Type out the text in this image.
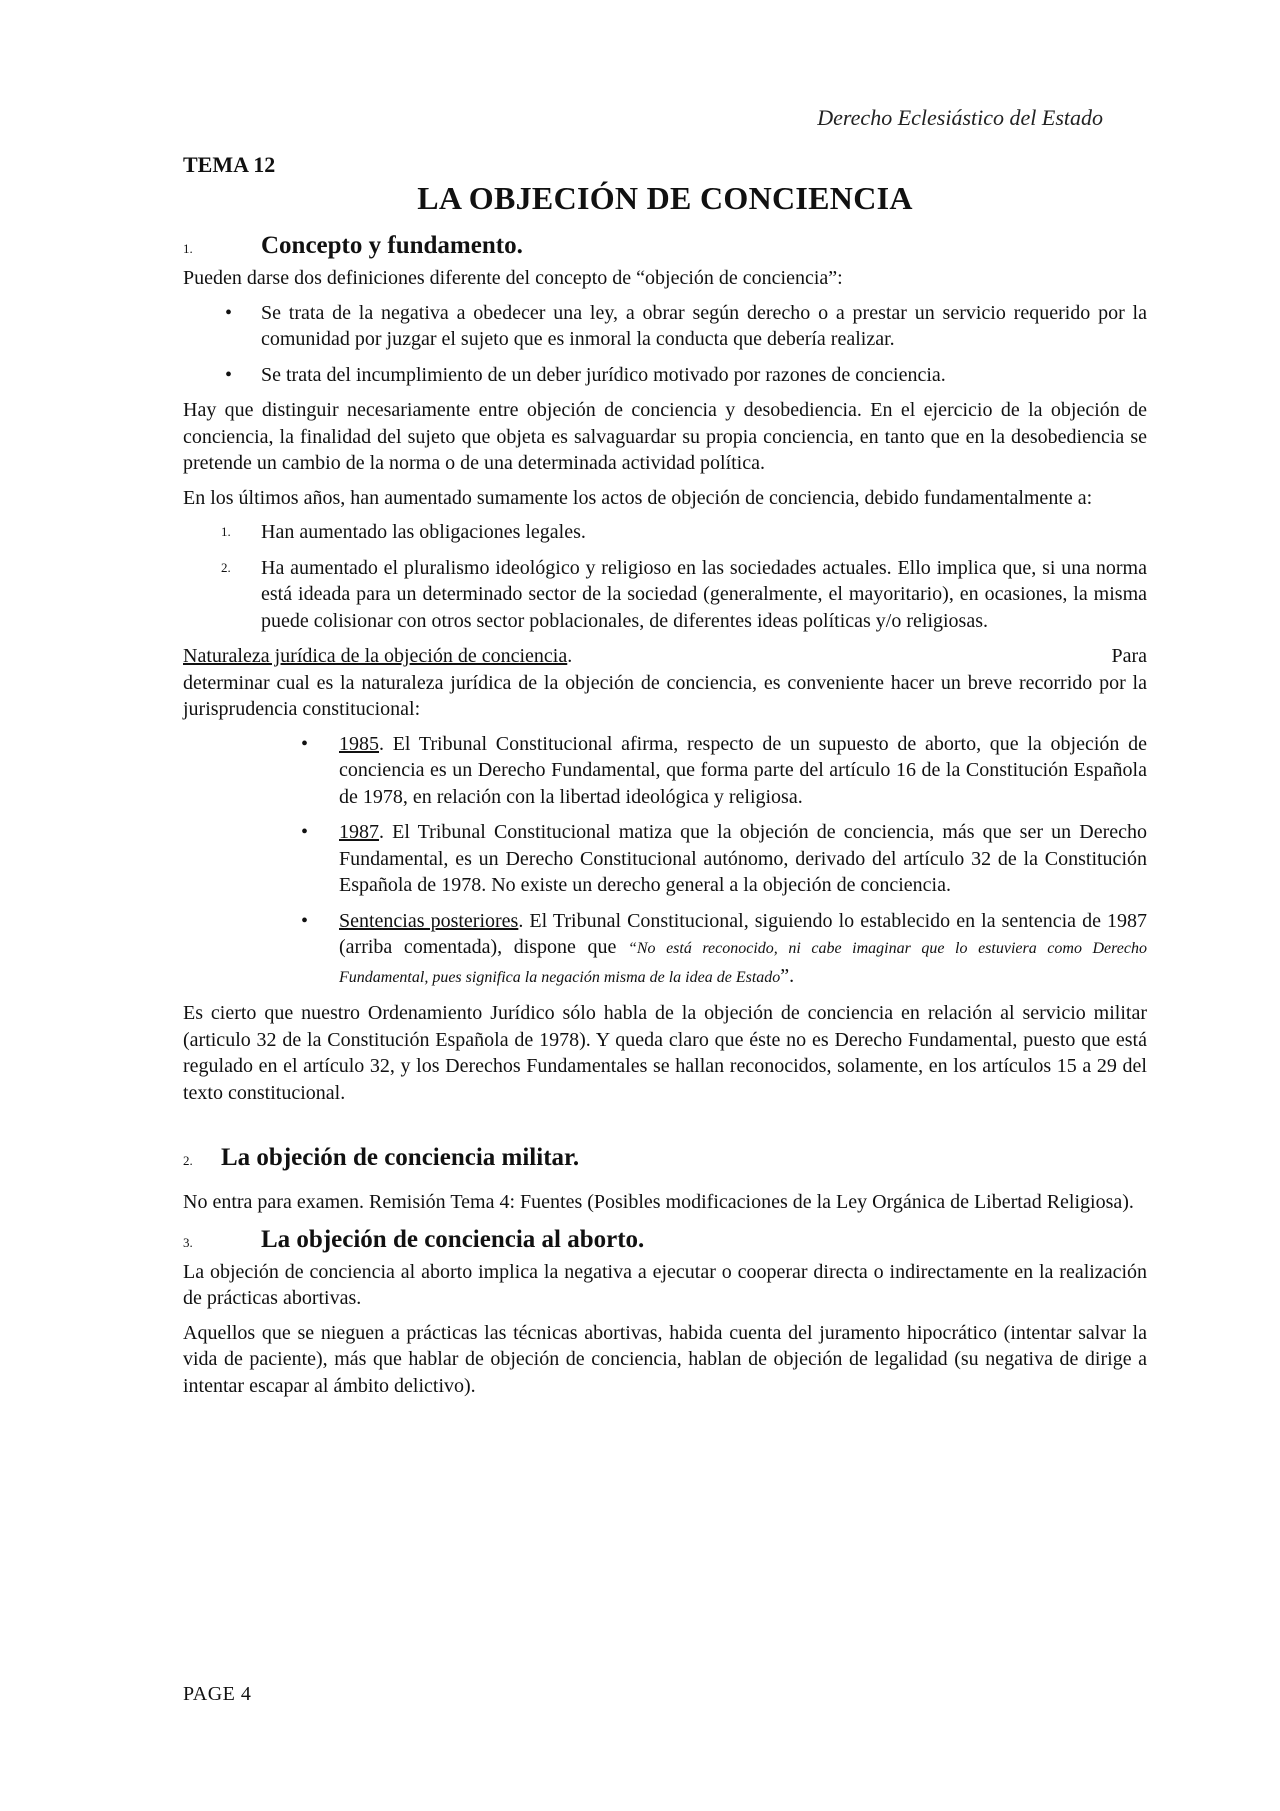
Derecho Eclesiástico del Estado
TEMA 12
LA OBJECIÓN DE CONCIENCIA
1.	Concepto y fundamento.

Pueden darse dos definiciones diferente del concepto de “objeción de conciencia”:

•	Se trata de la negativa a obedecer una ley, a obrar según derecho o a prestar un servicio requerido por la comunidad por juzgar el sujeto que es inmoral la conducta que debería realizar.
•	Se trata del incumplimiento de un deber jurídico motivado por razones de conciencia.

Hay que distinguir necesariamente entre objeción de conciencia y desobediencia. En el ejercicio de la objeción de conciencia, la finalidad del sujeto que objeta es salvaguardar su propia conciencia, en tanto que en la desobediencia se pretende un cambio de la norma o de una determinada actividad política.

En los últimos años, han aumentado sumamente los actos de objeción de conciencia, debido fundamentalmente a:

1.	Han aumentado las obligaciones legales.
2.	Ha aumentado el pluralismo ideológico y religioso en las sociedades actuales. Ello implica que, si una norma está ideada para un determinado sector de la sociedad (generalmente, el mayoritario), en ocasiones, la misma puede colisionar con otros sector poblacionales, de diferentes ideas políticas y/o religiosas.
Naturaleza jurídica de la objeción de conciencia.	Para

determinar cual es la naturaleza jurídica de la objeción de conciencia, es conveniente hacer un breve recorrido por la jurisprudencia constitucional:

•	1985. El Tribunal Constitucional afirma, respecto de un supuesto de aborto, que la objeción de conciencia es un Derecho Fundamental, que forma parte del artículo 16 de la Constitución Española de 1978, en relación con la libertad ideológica y religiosa.
•	1987. El Tribunal Constitucional matiza que la objeción de conciencia, más que ser un Derecho Fundamental, es un Derecho Constitucional autónomo, derivado del artículo 32 de la Constitución Española de 1978. No existe un derecho general a la objeción de conciencia.
•	Sentencias posteriores. El Tribunal Constitucional, siguiendo lo establecido en la sentencia de 1987 (arriba comentada), dispone que “No está reconocido, ni cabe imaginar que lo estuviera como Derecho Fundamental, pues significa la negación misma de la idea de Estado”.

Es cierto que nuestro Ordenamiento Jurídico sólo habla de la objeción de conciencia en relación al servicio militar (articulo 32 de la Constitución Española de 1978). Y queda claro que éste no es Derecho Fundamental, puesto que está regulado en el artículo 32, y los Derechos Fundamentales se hallan reconocidos, solamente, en los artículos 15 a 29 del texto constitucional.

2.	La objeción de conciencia militar.

No entra para examen. Remisión Tema 4: Fuentes (Posibles modificaciones de la Ley Orgánica de Libertad Religiosa).

3.	La objeción de conciencia al aborto.

La objeción de conciencia al aborto implica la negativa a ejecutar o cooperar directa o indirectamente en la realización de prácticas abortivas.

Aquellos que se nieguen a prácticas las técnicas abortivas, habida cuenta del juramento hipocrático (intentar salvar la vida de paciente), más que hablar de objeción de conciencia, hablan de objeción de legalidad (su negativa de dirige a intentar escapar al ámbito delictivo).

PAGE 4
